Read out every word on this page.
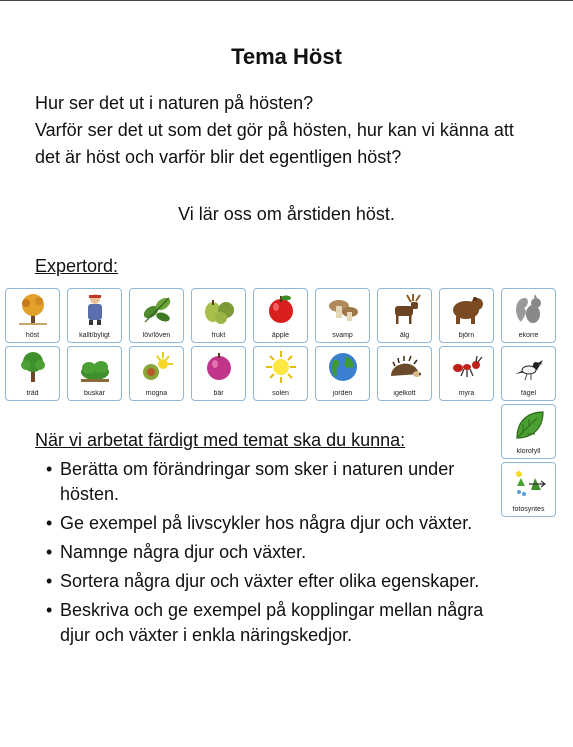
Tema Höst
Hur ser det ut i naturen på hösten?
Varför ser det ut som det gör på hösten, hur kan vi känna att det är höst och varför blir det egentligen höst?
Vi lär oss om årstiden höst.
Expertord:
höst	kallt/byligt	löv/löven	frukt	äpple	svamp	älg	björn	ekorre
träd	buskar	mogna	bär	solen	jorden	igelkott	myra	fågel
klorofyll
fotosyntes
När vi arbetat färdigt med temat ska du kunna:
• Berätta om förändringar som sker i naturen under hösten.
• Ge exempel på livscykler hos några djur och växter.
• Namnge några djur och växter.
• Sortera några djur och växter efter olika egenskaper.
• Beskriva och ge exempel på kopplingar mellan några djur och växter i enkla näringskedjor.
